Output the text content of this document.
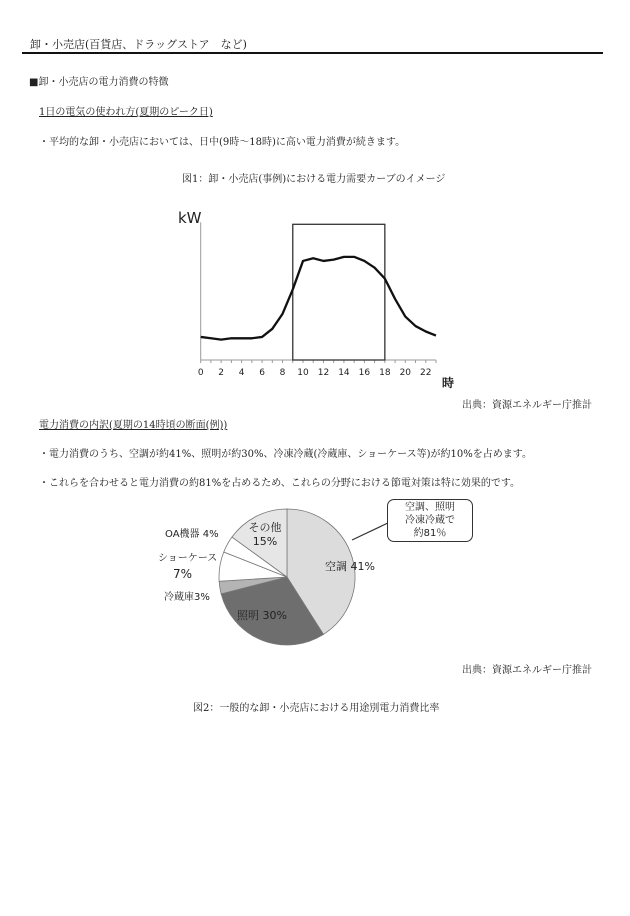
卸・小売店(百貨店、ドラッグストア　など)
■卸・小売店の電力消費の特徴
1日の電気の使われ方(夏期のピーク日)
・平均的な卸・小売店においては、日中(9時〜18時)に高い電力消費が続きます。
図1：卸・小売店(事例)における電力需要カーブのイメージ
0 2 4 6 8 10 12 14 16 18 20 22
kW
時
空調 41%
照明 30%
冷蔵庫3%
ショーケース
7%
OA機器 4%
その他
15%
出典：資源エネルギー庁推計
電力消費の内訳(夏期の14時頃の断面(例))
・電力消費のうち、空調が約41%、照明が約30%、冷凍冷蔵(冷蔵庫、ショーケース等)が約10%を占めます。
・これらを合わせると電力消費の約81%を占めるため、これらの分野における節電対策は特に効果的です。
空調、照明
冷凍冷蔵で
約81％
出典：資源エネルギー庁推計
図2：一般的な卸・小売店における用途別電力消費比率
